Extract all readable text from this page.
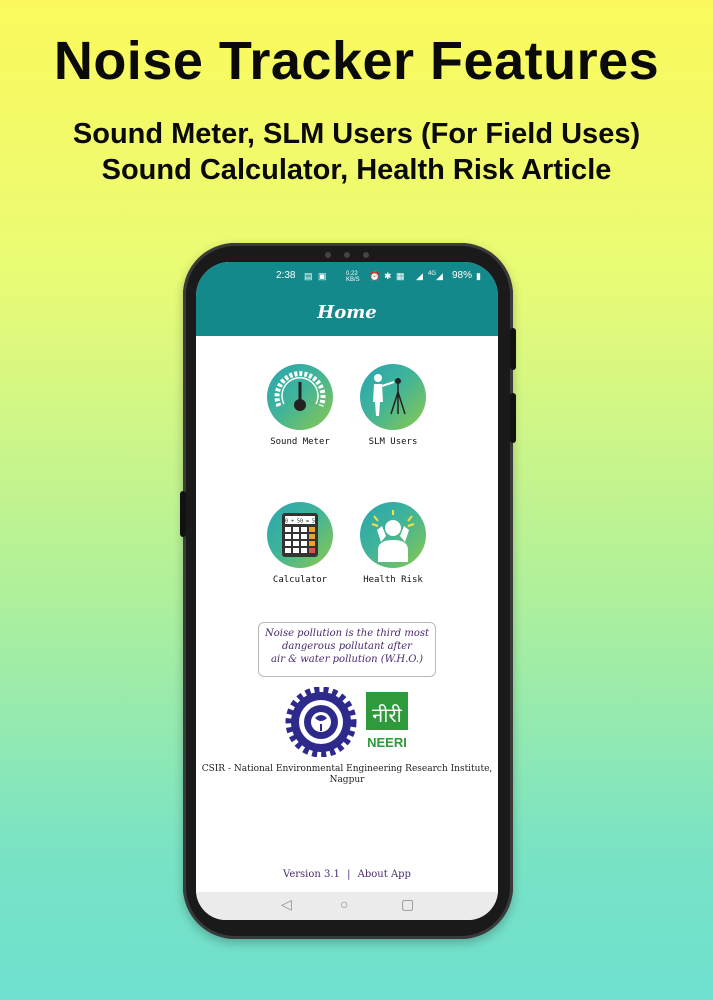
Noise Tracker Features
Sound Meter, SLM Users (For Field Uses)
Sound Calculator, Health Risk Article
2:38 ▤ ▣	0.22 KB/S	⏰ ✱ ▦ ◢ 4G ◢ 98% ▮
Home
Sound Meter	SLM Users
50 + 50 = 53
Calculator	Health Risk
Noise pollution is the third most
dangerous pollutant after
air & water pollution (W.H.O.)
नीरी
NEERI
CSIR - National Environmental Engineering Research Institute,
Nagpur
Version 3.1 | About App
◁	○	▢
